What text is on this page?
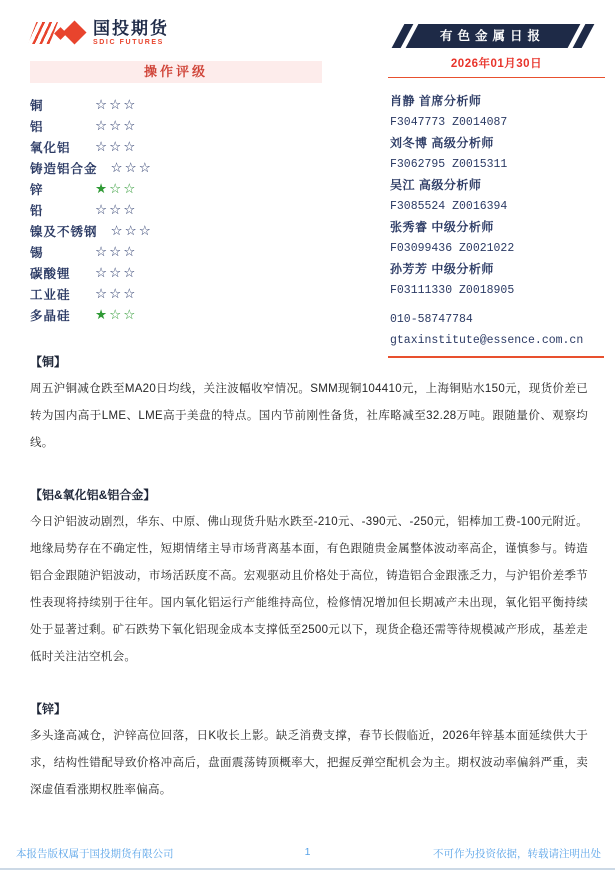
国投期货
SDIC FUTURES	有色金属日报
2026年01月30日
操作评级
铜	☆☆☆
铝	☆☆☆
氧化铝	☆☆☆
铸造铝合金 ☆☆☆
锌	★☆☆
铅	☆☆☆
镍及不锈钢 ☆☆☆
锡	☆☆☆
碳酸锂	☆☆☆
工业硅	☆☆☆
多晶硅	★☆☆
肖静 首席分析师
F3047773 Z0014087
刘冬博 高级分析师
F3062795 Z0015311
吴江 高级分析师
F3085524 Z0016394
张秀睿 中级分析师
F03099436 Z0021022
孙芳芳 中级分析师
F03111330 Z0018905
010-58747784
gtaxinstitute@essence.com.cn
【铜】

周五沪铜减仓跌至MA20日均线，关注波幅收窄情况。SMM现铜104410元，上海铜贴水150元，现货价差已转为国内高于LME、LME高于美盘的特点。国内节前刚性备货，社库略减至32.28万吨。跟随量价、观察均线。

【铝&氧化铝&铝合金】

今日沪铝波动剧烈，华东、中原、佛山现货升贴水跌至-210元、-390元、-250元，铝棒加工费-100元附近。地缘局势存在不确定性，短期情绪主导市场背离基本面，有色跟随贵金属整体波动率高企，谨慎参与。铸造铝合金跟随沪铝波动，市场活跃度不高。宏观驱动且价格处于高位，铸造铝合金跟涨乏力，与沪铝价差季节性表现将持续别于往年。国内氧化铝运行产能维持高位，检修情况增加但长期减产未出现，氧化铝平衡持续处于显著过剩。矿石跌势下氧化铝现金成本支撑低至2500元以下，现货企稳还需等待规模减产形成，基差走低时关注沽空机会。

【锌】

多头逢高减仓，沪锌高位回落，日K收长上影。缺乏消费支撑，春节长假临近，2026年锌基本面延续供大于求，结构性错配导致价格冲高后，盘面震荡铸顶概率大，把握反弹空配机会为主。期权波动率偏斜严重，卖深虚值看涨期权胜率偏高。

本报告版权属于国投期货有限公司	1	不可作为投资依据，转载请注明出处
